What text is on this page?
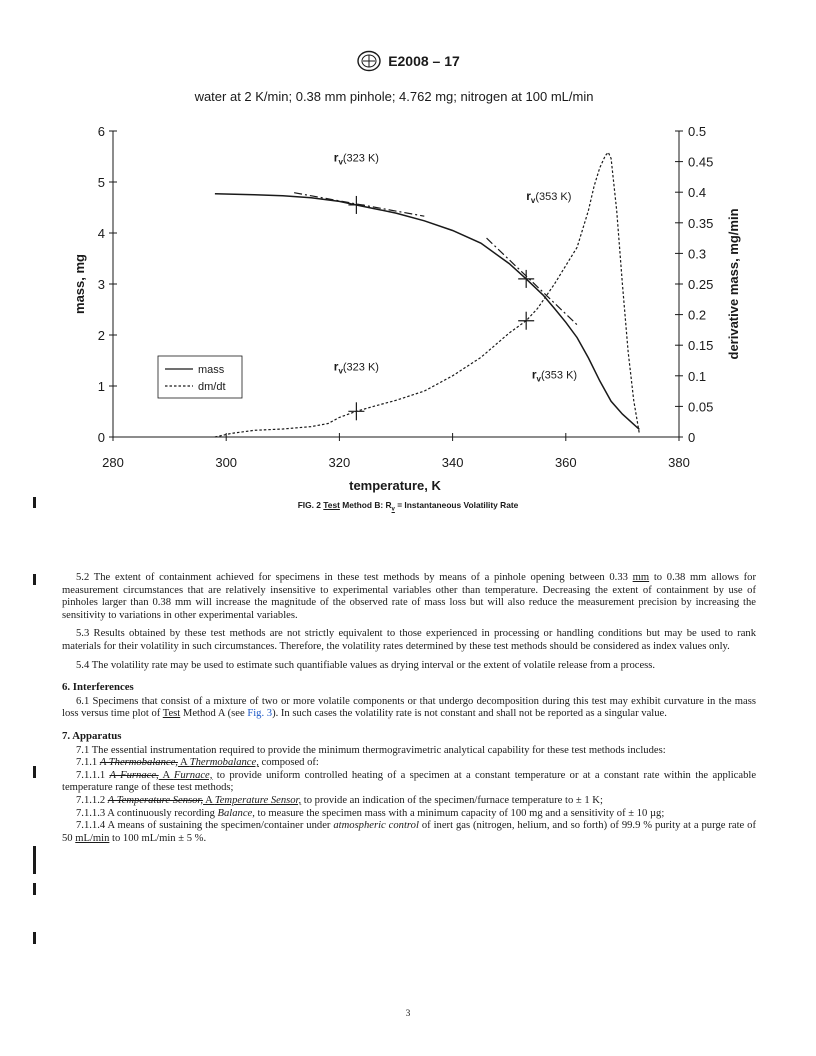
E2008 – 17
water at 2 K/min; 0.38 mm pinhole; 4.762 mg; nitrogen at 100 mL/min
280	300	320	340	360	380
0
1
2
3
4
5
6
0
0.05
0.1
0.15
0.2
0.25
0.3
0.35
0.4
0.45
0.5
$r_v(323$ K)
$r_v(353$ K)
$r_v(323$ K)	$r_v(353$ K)
temperature, K
mass, mg	derivative mass, mg/min
mass
dm/dt
FIG. 2 Test Method B: $R_v$ = Instantaneous Volatility Rate

5.2 The extent of containment achieved for specimens in these test methods by means of a pinhole opening between 0.33 mm to 0.38 mm allows for measurement circumstances that are relatively insensitive to experimental variables other than temperature. Decreasing the extent of containment by use of pinholes larger than 0.38 mm will increase the magnitude of the observed rate of mass loss but will also reduce the measurement precision by increasing the sensitivity to variations in other experimental variables.

5.3 Results obtained by these test methods are not strictly equivalent to those experienced in processing or handling conditions but may be used to rank materials for their volatility in such circumstances. Therefore, the volatility rates determined by these test methods should be considered as index values only.

5.4 The volatility rate may be used to estimate such quantifiable values as drying interval or the extent of volatile release from a process.

6. Interferences

6.1 Specimens that consist of a mixture of two or more volatile components or that undergo decomposition during this test may exhibit curvature in the mass loss versus time plot of Test Method A (see Fig. 3). In such cases the volatility rate is not constant and shall not be reported as a singular value.

7. Apparatus

7.1 The essential instrumentation required to provide the minimum thermogravimetric analytical capability for these test methods includes:

7.1.1 A Thermobalance, A Thermobalance, composed of:

7.1.1.1 A Furnace, A Furnace, to provide uniform controlled heating of a specimen at a constant temperature or at a constant rate within the applicable temperature range of these test methods;

7.1.1.2 A Temperature Sensor, A Temperature Sensor, to provide an indication of the specimen/furnace temperature to ± 1 K;

7.1.1.3 A continuously recording Balance, to measure the specimen mass with a minimum capacity of 100 mg and a sensitivity of ± 10 µg;

7.1.1.4 A means of sustaining the specimen/container under atmospheric control of inert gas (nitrogen, helium, and so forth) of 99.9 % purity at a purge rate of 50 mL/min to 100 mL/min ± 5 %.

3
